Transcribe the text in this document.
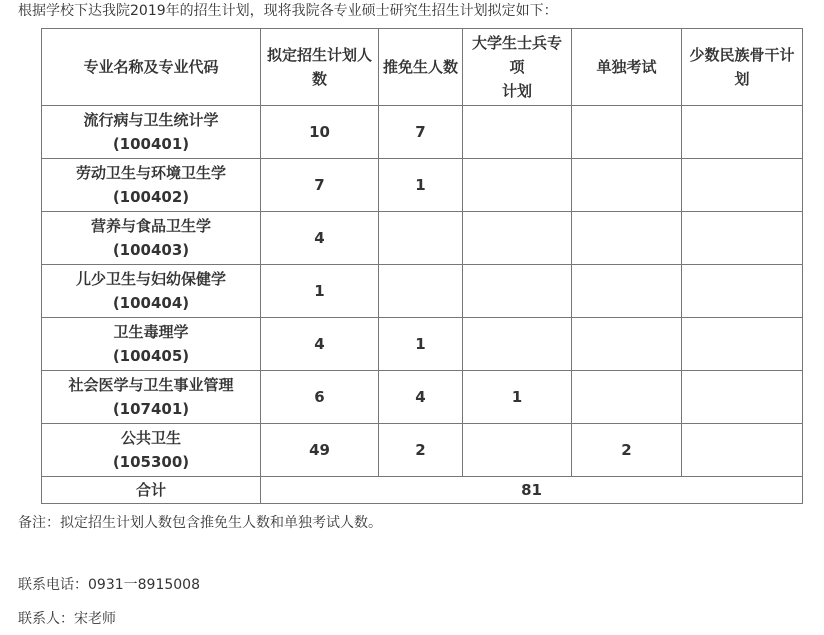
根据学校下达我院2019年的招生计划，现将我院各专业硕士研究生招生计划拟定如下：
专业名称及专业代码	拟定招生计划人
数	推免生人数	大学生士兵专
项
计划	单独考试	少数民族骨干计
划

流行病与卫生统计学
(100401)	10	7			

劳动卫生与环境卫生学
(100402)	7	1			

营养与食品卫生学
(100403)	4				

儿少卫生与妇幼保健学
(100404)	1				

卫生毒理学
(100405)	4	1			

社会医学与卫生事业管理
(107401)	6	4	1		

公共卫生
(105300)	49	2		2	
合计	81				
备注：拟定招生计划人数包含推免生人数和单独考试人数。
联系电话：0931一8915008
联系人：宋老师
